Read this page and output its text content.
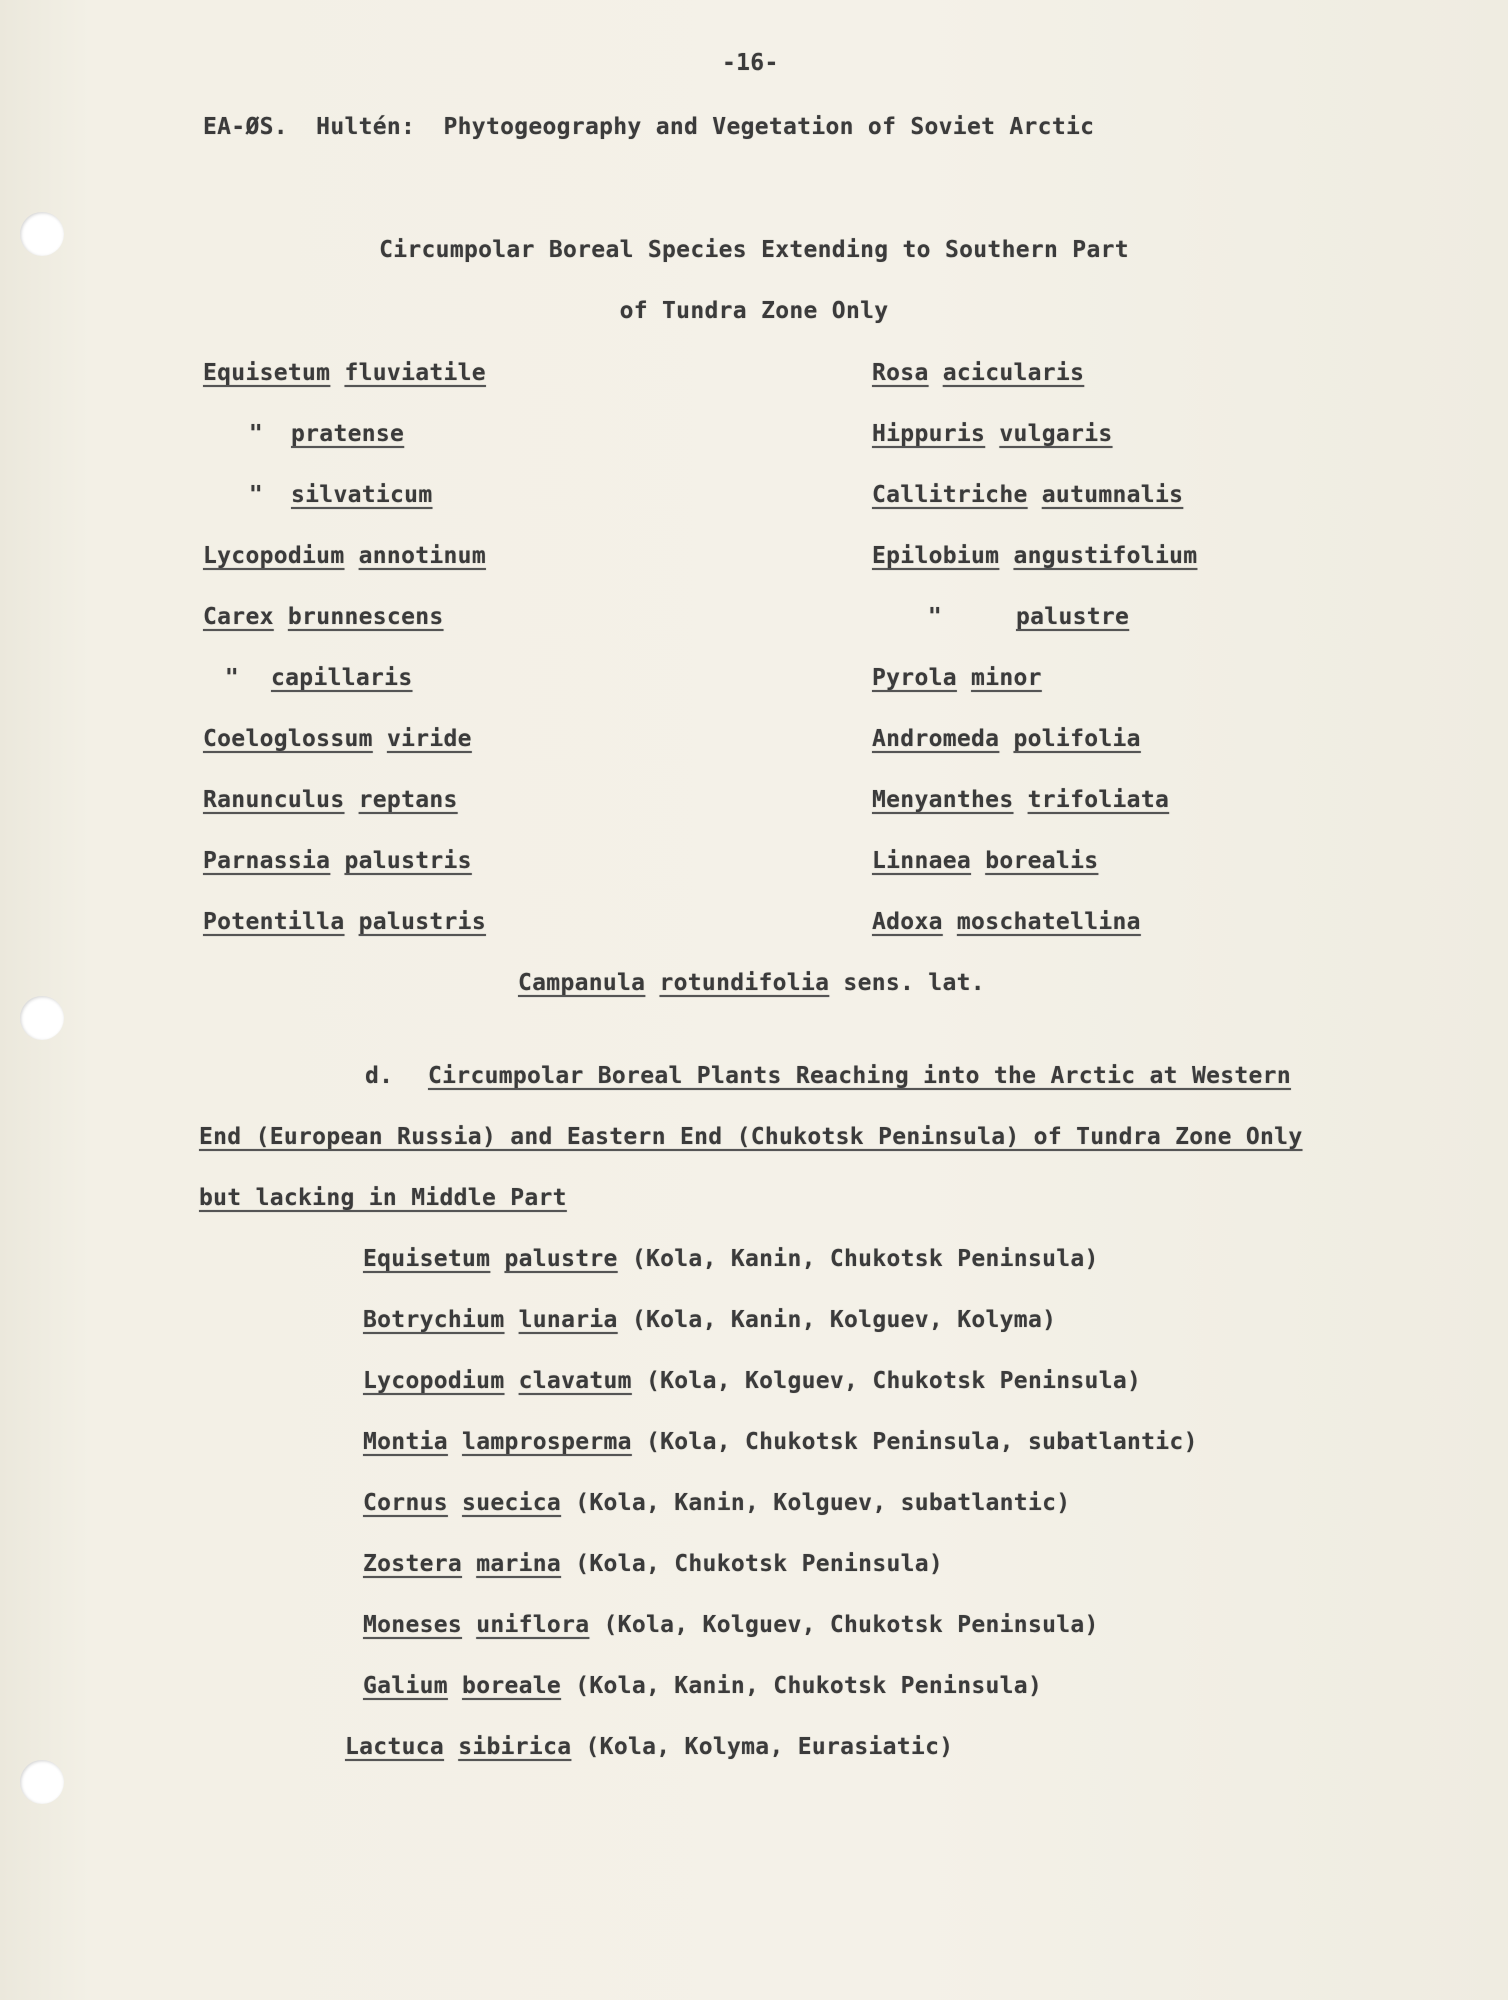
-16-
EA-ØS.  Hultén:  Phytogeography and Vegetation of Soviet Arctic
Circumpolar Boreal Species Extending to Southern Part
of Tundra Zone Only
Equisetum fluviatile
" pratense
" silvaticum
Lycopodium annotinum
Carex brunnescens
" capillaris
Coeloglossum viride
Ranunculus reptans
Parnassia palustris
Potentilla palustris
Rosa acicularis
Hippuris vulgaris
Callitriche autumnalis
Epilobium angustifolium
"	palustre
Pyrola minor
Andromeda polifolia
Menyanthes trifoliata
Linnaea borealis
Adoxa moschatellina
Campanula rotundifolia sens. lat.
d. Circumpolar Boreal Plants Reaching into the Arctic at Western
End (European Russia) and Eastern End (Chukotsk Peninsula) of Tundra Zone Only
but lacking in Middle Part
Equisetum palustre (Kola, Kanin, Chukotsk Peninsula)
Botrychium lunaria (Kola, Kanin, Kolguev, Kolyma)
Lycopodium clavatum (Kola, Kolguev, Chukotsk Peninsula)
Montia lamprosperma (Kola, Chukotsk Peninsula, subatlantic)
Cornus suecica (Kola, Kanin, Kolguev, subatlantic)
Zostera marina (Kola, Chukotsk Peninsula)
Moneses uniflora (Kola, Kolguev, Chukotsk Peninsula)
Galium boreale (Kola, Kanin, Chukotsk Peninsula)
Lactuca sibirica (Kola, Kolyma, Eurasiatic)
